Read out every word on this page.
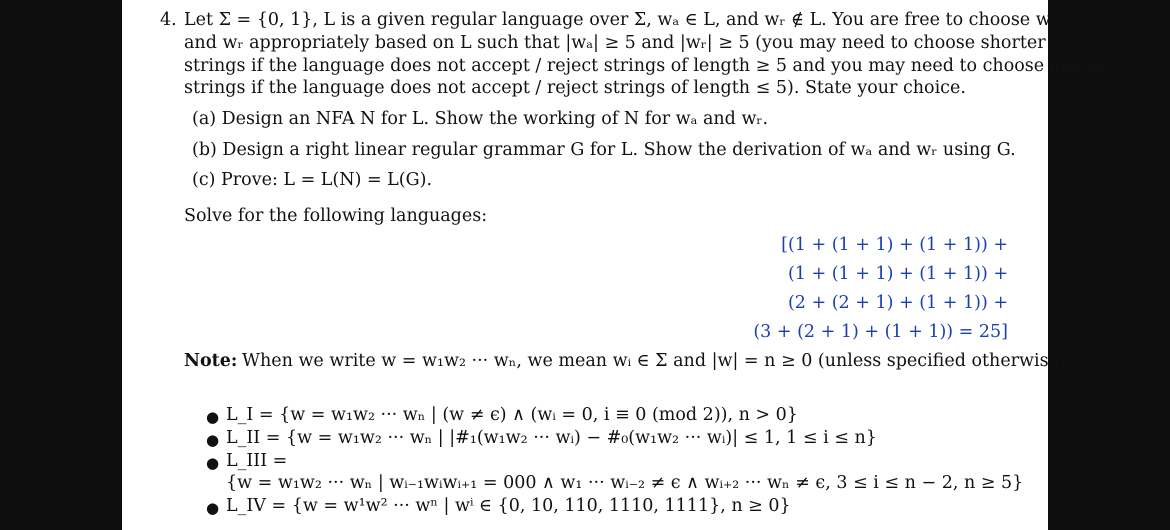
4. Let Σ = {0, 1}, L is a given regular language over Σ, wₐ ∈ L, and wᵣ ∉ L. You are free to choose wₐ
and wᵣ appropriately based on L such that |wₐ| ≥ 5 and |wᵣ| ≥ 5 (you may need to choose shorter
strings if the language does not accept / reject strings of length ≥ 5 and you may need to choose longer
strings if the language does not accept / reject strings of length ≤ 5). State your choice.
(a) Design an NFA N for L. Show the working of N for wₐ and wᵣ.
(b) Design a right linear regular grammar G for L. Show the derivation of wₐ and wᵣ using G.
(c) Prove: L = L(N) = L(G).
Solve for the following languages:
[(1 + (1 + 1) + (1 + 1)) +
(1 + (1 + 1) + (1 + 1)) +
(2 + (2 + 1) + (1 + 1)) +
(3 + (2 + 1) + (1 + 1)) = 25]
Note: When we write w = w₁w₂ ··· wₙ, we mean wᵢ ∈ Σ and |w| = n ≥ 0 (unless specified otherwise).
● L_I = {w = w₁w₂ ··· wₙ | (w ≠ ϵ) ∧ (wᵢ = 0, i ≡ 0 (mod 2)), n > 0}
● L_II = {w = w₁w₂ ··· wₙ | |#₁(w₁w₂ ··· wᵢ) − #₀(w₁w₂ ··· wᵢ)| ≤ 1, 1 ≤ i ≤ n}
● L_III =
{w = w₁w₂ ··· wₙ | wᵢ₋₁wᵢwᵢ₊₁ = 000 ∧ w₁ ··· wᵢ₋₂ ≠ ϵ ∧ wᵢ₊₂ ··· wₙ ≠ ϵ, 3 ≤ i ≤ n − 2, n ≥ 5}
● L_IV = {w = w¹w² ··· wⁿ | wⁱ ∈ {0, 10, 110, 1110, 1111}, n ≥ 0}
